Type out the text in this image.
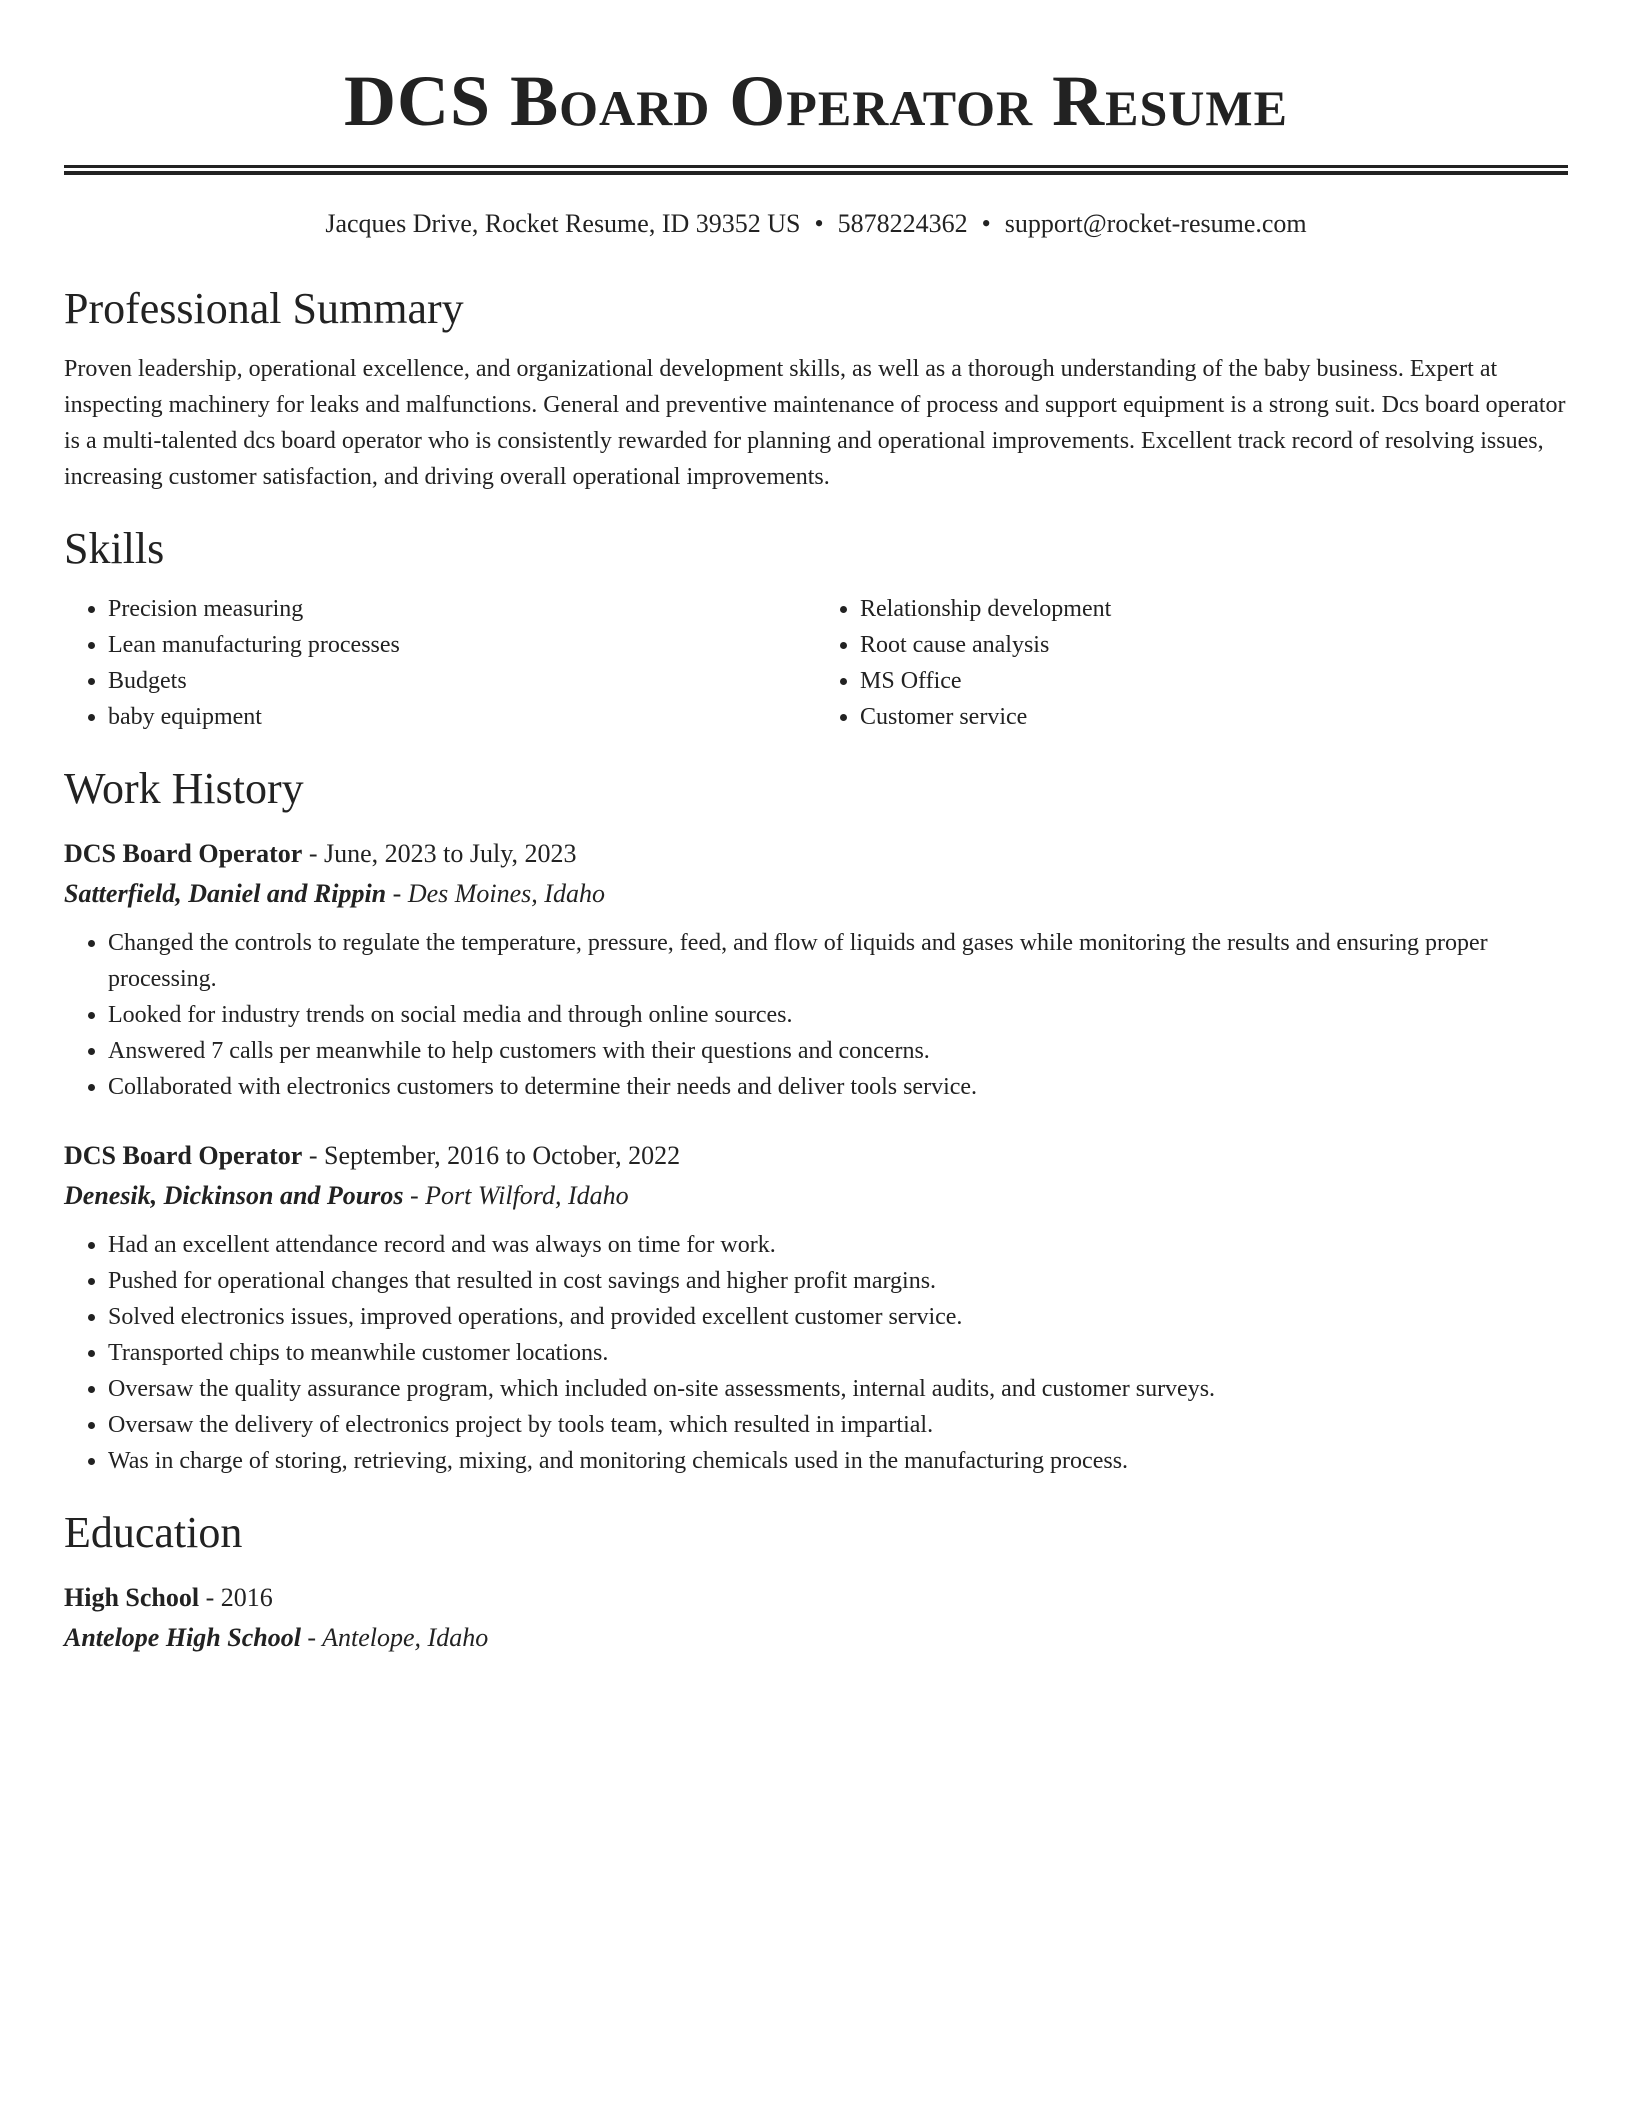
DCS Board Operator Resume
Jacques Drive, Rocket Resume, ID 39352 US • 5878224362 • support@rocket-resume.com
Professional Summary

Proven leadership, operational excellence, and organizational development skills, as well as a thorough understanding of the baby business. Expert at inspecting machinery for leaks and malfunctions. General and preventive maintenance of process and support equipment is a strong suit. Dcs board operator is a multi-talented dcs board operator who is consistently rewarded for planning and operational improvements. Excellent track record of resolving issues, increasing customer satisfaction, and driving overall operational improvements.

Skills
• Precision measuring
• Lean manufacturing processes
• Budgets
• baby equipment
• Relationship development
• Root cause analysis
• MS Office
• Customer service
Work History
DCS Board Operator - June, 2023 to July, 2023
Satterfield, Daniel and Rippin - Des Moines, Idaho
• Changed the controls to regulate the temperature, pressure, feed, and flow of liquids and gases while monitoring the results and ensuring proper processing.
• Looked for industry trends on social media and through online sources.
• Answered 7 calls per meanwhile to help customers with their questions and concerns.
• Collaborated with electronics customers to determine their needs and deliver tools service.
DCS Board Operator - September, 2016 to October, 2022
Denesik, Dickinson and Pouros - Port Wilford, Idaho
• Had an excellent attendance record and was always on time for work.
• Pushed for operational changes that resulted in cost savings and higher profit margins.
• Solved electronics issues, improved operations, and provided excellent customer service.
• Transported chips to meanwhile customer locations.
• Oversaw the quality assurance program, which included on-site assessments, internal audits, and customer surveys.
• Oversaw the delivery of electronics project by tools team, which resulted in impartial.
• Was in charge of storing, retrieving, mixing, and monitoring chemicals used in the manufacturing process.
Education
High School - 2016
Antelope High School - Antelope, Idaho
